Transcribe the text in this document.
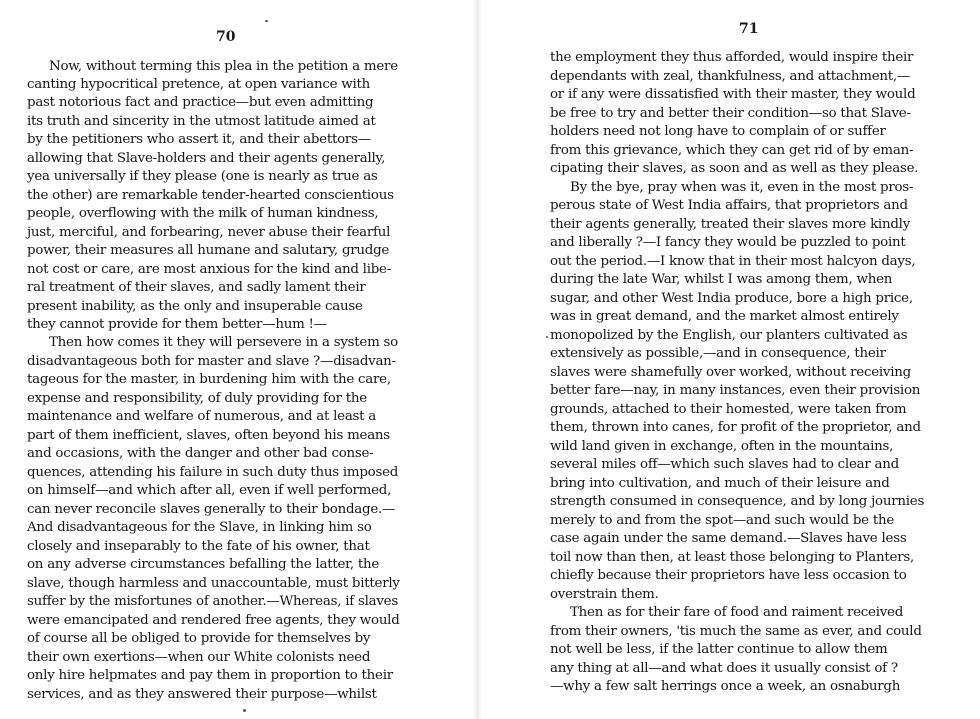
70
Now, without terming this plea in the petition a mere
canting hypocritical pretence, at open variance with
past notorious fact and practice—but even admitting
its truth and sincerity in the utmost latitude aimed at
by the petitioners who assert it, and their abettors—
allowing that Slave-holders and their agents generally,
yea universally if they please (one is nearly as true as
the other) are remarkable tender-hearted conscientious
people, overflowing with the milk of human kindness,
just, merciful, and forbearing, never abuse their fearful
power, their measures all humane and salutary, grudge
not cost or care, are most anxious for the kind and libe-
ral treatment of their slaves, and sadly lament their
present inability, as the only and insuperable cause
they cannot provide for them better—hum !—
Then how comes it they will persevere in a system so
disadvantageous both for master and slave ?—disadvan-
tageous for the master, in burdening him with the care,
expense and responsibility, of duly providing for the
maintenance and welfare of numerous, and at least a
part of them inefficient, slaves, often beyond his means
and occasions, with the danger and other bad conse-
quences, attending his failure in such duty thus imposed
on himself—and which after all, even if well performed,
can never reconcile slaves generally to their bondage.—
And disadvantageous for the Slave, in linking him so
closely and inseparably to the fate of his owner, that
on any adverse circumstances befalling the latter, the
slave, though harmless and unaccountable, must bitterly
suffer by the misfortunes of another.—Whereas, if slaves
were emancipated and rendered free agents, they would
of course all be obliged to provide for themselves by
their own exertions—when our White colonists need
only hire helpmates and pay them in proportion to their
services, and as they answered their purpose—whilst
71
the employment they thus afforded, would inspire their
dependants with zeal, thankfulness, and attachment,—
or if any were dissatisfied with their master, they would
be free to try and better their condition—so that Slave-
holders need not long have to complain of or suffer
from this grievance, which they can get rid of by eman-
cipating their slaves, as soon and as well as they please.
By the bye, pray when was it, even in the most pros-
perous state of West India affairs, that proprietors and
their agents generally, treated their slaves more kindly
and liberally ?—I fancy they would be puzzled to point
out the period.—I know that in their most halcyon days,
during the late War, whilst I was among them, when
sugar, and other West India produce, bore a high price,
was in great demand, and the market almost entirely
monopolized by the English, our planters cultivated as
extensively as possible,—and in consequence, their
slaves were shamefully over worked, without receiving
better fare—nay, in many instances, even their provision
grounds, attached to their homested, were taken from
them, thrown into canes, for profit of the proprietor, and
wild land given in exchange, often in the mountains,
several miles off—which such slaves had to clear and
bring into cultivation, and much of their leisure and
strength consumed in consequence, and by long journies
merely to and from the spot—and such would be the
case again under the same demand.—Slaves have less
toil now than then, at least those belonging to Planters,
chiefly because their proprietors have less occasion to
overstrain them.
Then as for their fare of food and raiment received
from their owners, 'tis much the same as ever, and could
not well be less, if the latter continue to allow them
any thing at all—and what does it usually consist of ?
—why a few salt herrings once a week, an osnaburgh
